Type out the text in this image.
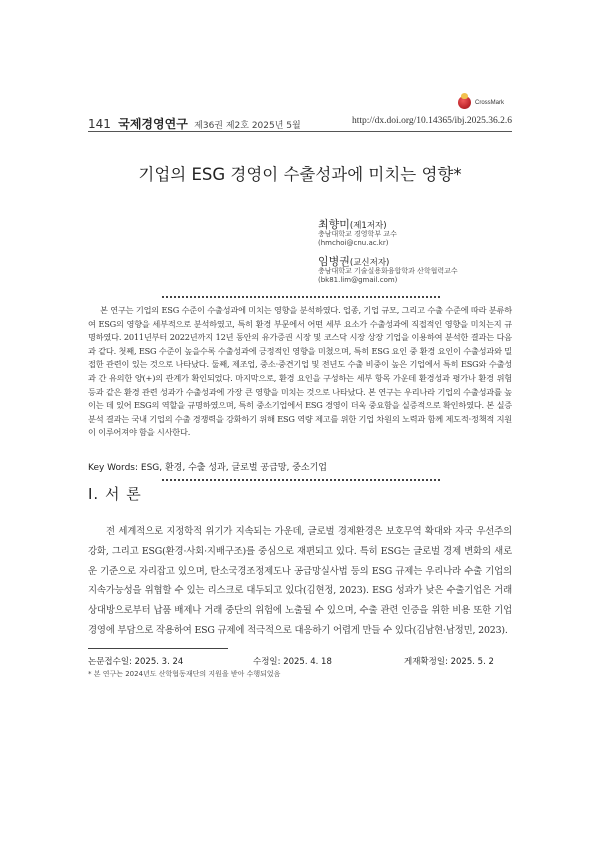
CrossMark
141 국제경영연구 제36권 제2호 2025년 5월	http://dx.doi.org/10.14365/ibj.2025.36.2.6
기업의 ESG 경영이 수출성과에 미치는 영향*
최향미(제1저자)
충남대학교 경영학부 교수
(hmchoi@cnu.ac.kr)
임병권(교신저자)
충남대학교 기술실용화융합학과 산학협력교수
(bk81.lim@gmail.com)
본 연구는 기업의 ESG 수준이 수출성과에 미치는 영향을 분석하였다. 업종, 기업 규모, 그리고 수출 수준에 따라 분류하여 ESG의 영향을 세부적으로 분석하였고, 특히 환경 부문에서 어떤 세부 요소가 수출성과에 직접적인 영향을 미치는지 규명하였다. 2011년부터 2022년까지 12년 동안의 유가증권 시장 및 코스닥 시장 상장 기업을 이용하여 분석한 결과는 다음과 같다. 첫째, ESG 수준이 높을수록 수출성과에 긍정적인 영향을 미쳤으며, 특히 ESG 요인 중 환경 요인이 수출성과와 밀접한 관련이 있는 것으로 나타났다. 둘째, 제조업, 중소·중견기업 및 전년도 수출 비중이 높은 기업에서 특히 ESG와 수출성과 간 유의한 양(+)의 관계가 확인되었다. 마지막으로, 환경 요인을 구성하는 세부 항목 가운데 환경성과 평가나 환경 위험 등과 같은 환경 관련 성과가 수출성과에 가장 큰 영향을 미치는 것으로 나타났다. 본 연구는 우리나라 기업의 수출성과를 높이는 데 있어 ESG의 역할을 규명하였으며, 특히 중소기업에서 ESG 경영이 더욱 중요함을 실증적으로 확인하였다. 본 실증분석 결과는 국내 기업의 수출 경쟁력을 강화하기 위해 ESG 역량 제고를 위한 기업 차원의 노력과 함께 제도적·정책적 지원이 이루어져야 함을 시사한다.
Key Words: ESG, 환경, 수출 성과, 글로벌 공급망, 중소기업
Ⅰ. 서 론
전 세계적으로 지정학적 위기가 지속되는 가운데, 글로벌 경제환경은 보호무역 확대와 자국 우선주의 강화, 그리고 ESG(환경·사회·지배구조)를 중심으로 재편되고 있다. 특히 ESG는 글로벌 경제 변화의 새로운 기준으로 자리잡고 있으며, 탄소국경조정제도나 공급망실사법 등의 ESG 규제는 우리나라 수출 기업의 지속가능성을 위협할 수 있는 리스크로 대두되고 있다(김현정, 2023). ESG 성과가 낮은 수출기업은 거래 상대방으로부터 납품 배제나 거래 중단의 위험에 노출될 수 있으며, 수출 관련 인증을 위한 비용 또한 기업 경영에 부담으로 작용하여 ESG 규제에 적극적으로 대응하기 어렵게 만들 수 있다(김남현·남정민, 2023).
논문접수일: 2025. 3. 24	수정일: 2025. 4. 18	게재확정일: 2025. 5. 2
* 본 연구는 2024년도 산학협동재단의 지원을 받아 수행되었음
